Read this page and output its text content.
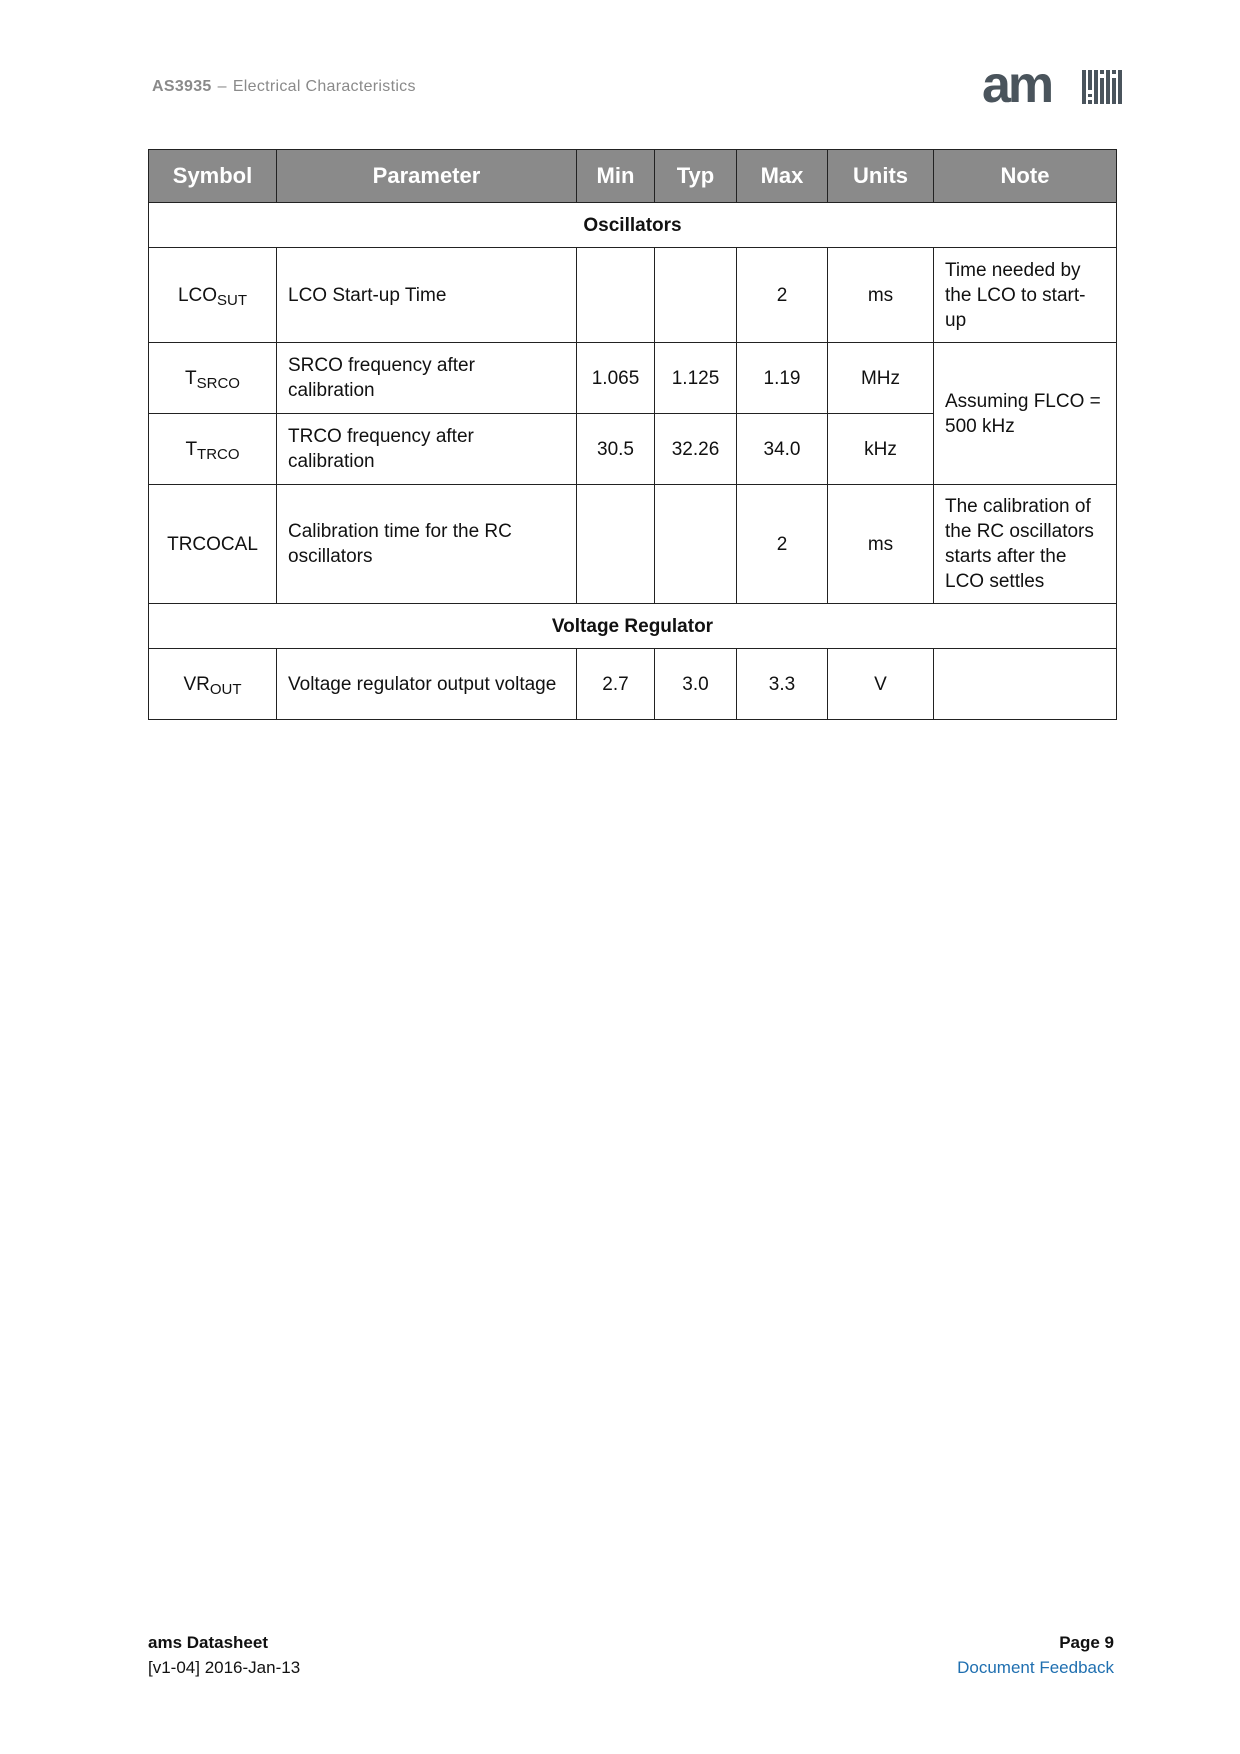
AS3935 – Electrical Characteristics	am
Symbol	Parameter	Min	Typ	Max	Units	Note
Oscillators						
$LCO_{SUT}$	LCO Start-up Time			2	ms	Time needed by the LCO to start-up
$T_{SRCO}$	SRCO frequency after calibration	1.065	1.125	1.19	MHz	Assuming FLCO = 500 kHz
$T_{TRCO}$	TRCO frequency after calibration	30.5	32.26	34.0	kHz	
TRCOCAL	Calibration time for the RC oscillators			2	ms	The calibration of the RC oscillators starts after the LCO settles
Voltage Regulator						
$VR_{OUT}$	Voltage regulator output voltage	2.7	3.0	3.3	V	
ams Datasheet
[v1-04] 2016-Jan-13
Page 9
Document Feedback
